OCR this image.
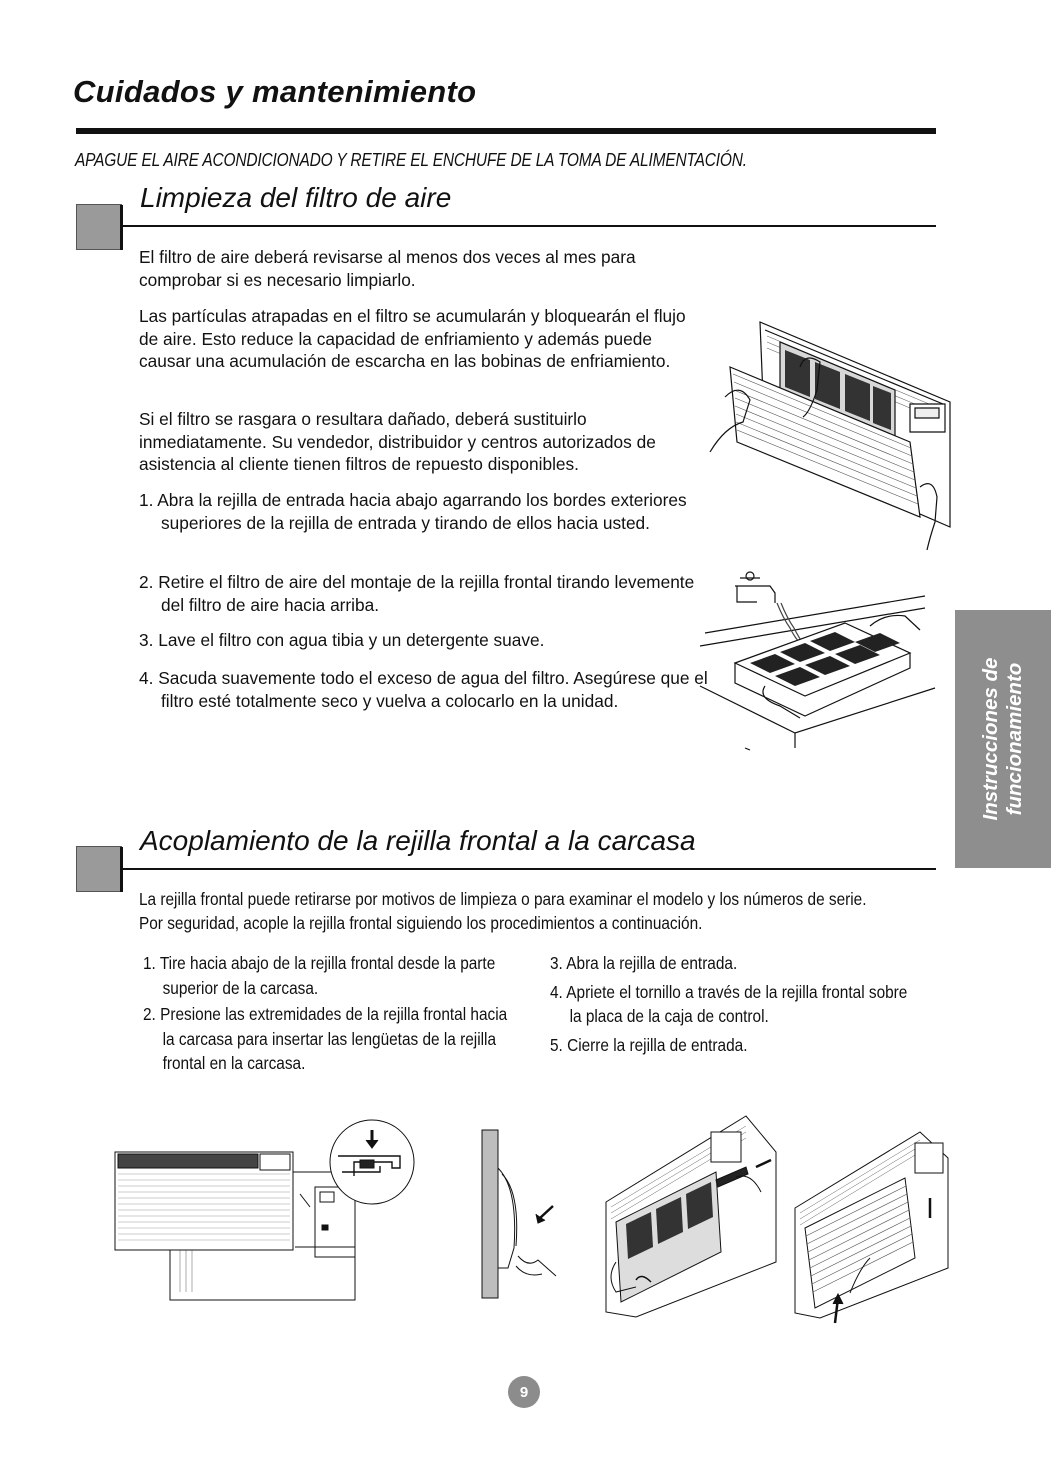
Cuidados y mantenimiento
APAGUE EL AIRE ACONDICIONADO Y RETIRE EL ENCHUFE DE LA TOMA DE ALIMENTACIÓN.
Limpieza del filtro de aire

El filtro de aire deberá revisarse al menos dos veces al mes para comprobar si es necesario limpiarlo.

Las partículas atrapadas en el filtro se acumularán y bloquearán el flujo de aire. Esto reduce la capacidad de enfriamiento y además puede causar una acumulación de escarcha en las bobinas de enfriamiento.

Si el filtro se rasgara o resultara dañado, deberá sustituirlo inmediatamente. Su vendedor, distribuidor y centros autorizados de asistencia al cliente tienen filtros de repuesto disponibles.

1. Abra la rejilla de entrada hacia abajo agarrando los bordes exteriores superiores de la rejilla de entrada y tirando de ellos hacia usted.

2. Retire el filtro de aire del montaje de la rejilla frontal tirando levemente del filtro de aire hacia arriba.

3. Lave el filtro con agua tibia y un detergente suave.

4. Sacuda suavemente todo el exceso de agua del filtro. Asegúrese que el filtro esté totalmente seco y vuelva a colocarlo en la unidad.	Instrucciones de funcionamiento
Acoplamiento de la rejilla frontal a la carcasa

La rejilla frontal puede retirarse por motivos de limpieza o para examinar el modelo y los números de serie.

Por seguridad, acople la rejilla frontal siguiendo los procedimientos a continuación.

1. Tire hacia abajo de la rejilla frontal desde la parte superior de la carcasa.

2. Presione las extremidades de la rejilla frontal hacia la carcasa para insertar las lengüetas de la rejilla frontal en la carcasa.

3. Abra la rejilla de entrada.

4. Apriete el tornillo a través de la rejilla frontal sobre la placa de la caja de control.

5. Cierre la rejilla de entrada.

9
